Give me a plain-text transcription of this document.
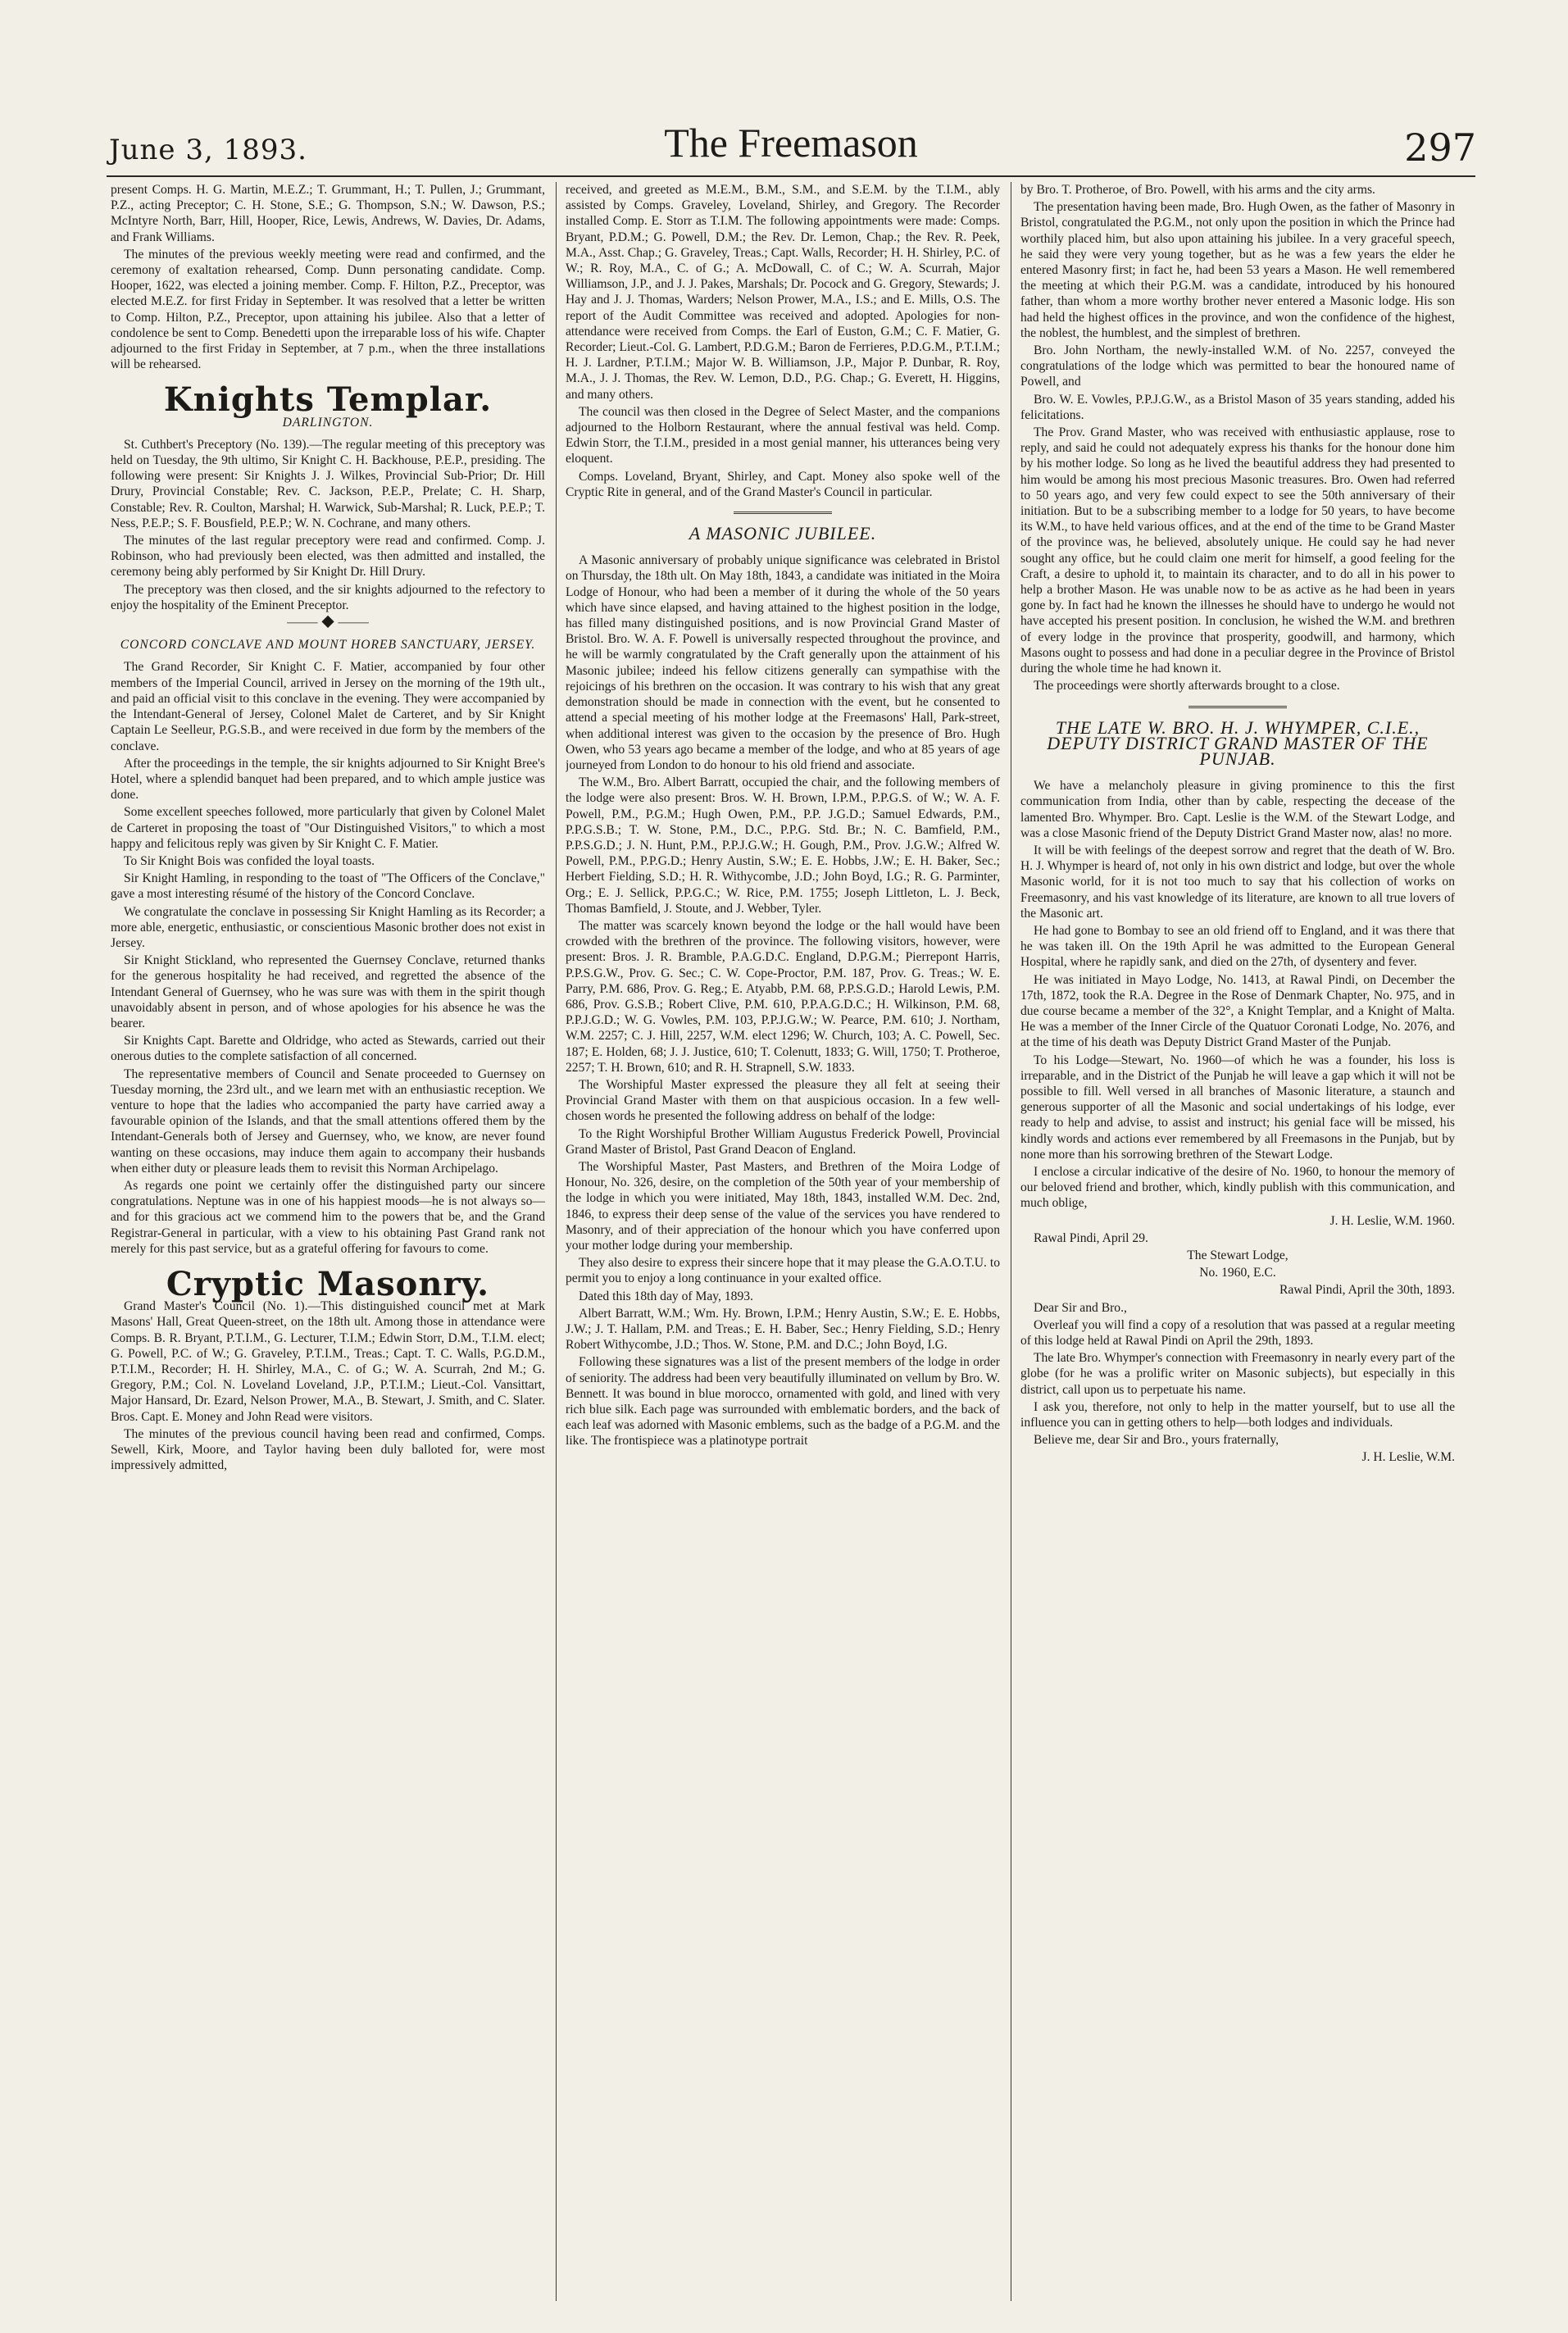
June 3, 1893.	The Freemason	297

present Comps. H. G. Martin, M.E.Z.; T. Grummant, H.; T. Pullen, J.; Grummant, P.Z., acting Preceptor; C. H. Stone, S.E.; G. Thompson, S.N.; W. Dawson, P.S.; McIntyre North, Barr, Hill, Hooper, Rice, Lewis, Andrews, W. Davies, Dr. Adams, and Frank Williams.

The minutes of the previous weekly meeting were read and confirmed, and the ceremony of exaltation rehearsed, Comp. Dunn personating candidate. Comp. Hooper, 1622, was elected a joining member. Comp. F. Hilton, P.Z., Preceptor, was elected M.E.Z. for first Friday in September. It was resolved that a letter be written to Comp. Hilton, P.Z., Preceptor, upon attaining his jubilee. Also that a letter of condolence be sent to Comp. Benedetti upon the irreparable loss of his wife. Chapter adjourned to the first Friday in September, at 7 p.m., when the three installations will be rehearsed.

Knights Templar.

DARLINGTON.

St. Cuthbert's Preceptory (No. 139).—The regular meeting of this preceptory was held on Tuesday, the 9th ultimo, Sir Knight C. H. Backhouse, P.E.P., presiding. The following were present: Sir Knights J. J. Wilkes, Provincial Sub-Prior; Dr. Hill Drury, Provincial Constable; Rev. C. Jackson, P.E.P., Prelate; C. H. Sharp, Constable; Rev. R. Coulton, Marshal; H. Warwick, Sub-Marshal; R. Luck, P.E.P.; T. Ness, P.E.P.; S. F. Bousfield, P.E.P.; W. N. Cochrane, and many others.

The minutes of the last regular preceptory were read and confirmed. Comp. J. Robinson, who had previously been elected, was then admitted and installed, the ceremony being ably performed by Sir Knight Dr. Hill Drury.

The preceptory was then closed, and the sir knights adjourned to the refectory to enjoy the hospitality of the Eminent Preceptor.

⸻ ◆ ⸻

CONCORD CONCLAVE AND MOUNT HOREB SANCTUARY, JERSEY.

The Grand Recorder, Sir Knight C. F. Matier, accompanied by four other members of the Imperial Council, arrived in Jersey on the morning of the 19th ult., and paid an official visit to this conclave in the evening. They were accompanied by the Intendant-General of Jersey, Colonel Malet de Carteret, and by Sir Knight Captain Le Seelleur, P.G.S.B., and were received in due form by the members of the conclave.

After the proceedings in the temple, the sir knights adjourned to Sir Knight Bree's Hotel, where a splendid banquet had been prepared, and to which ample justice was done.

Some excellent speeches followed, more particularly that given by Colonel Malet de Carteret in proposing the toast of "Our Distinguished Visitors," to which a most happy and felicitous reply was given by Sir Knight C. F. Matier.

To Sir Knight Bois was confided the loyal toasts.

Sir Knight Hamling, in responding to the toast of "The Officers of the Conclave," gave a most interesting résumé of the history of the Concord Conclave.

We congratulate the conclave in possessing Sir Knight Hamling as its Recorder; a more able, energetic, enthusiastic, or conscientious Masonic brother does not exist in Jersey.

Sir Knight Stickland, who represented the Guernsey Conclave, returned thanks for the generous hospitality he had received, and regretted the absence of the Intendant General of Guernsey, who he was sure was with them in the spirit though unavoidably absent in person, and of whose apologies for his absence he was the bearer.

Sir Knights Capt. Barette and Oldridge, who acted as Stewards, carried out their onerous duties to the complete satisfaction of all concerned.

The representative members of Council and Senate proceeded to Guernsey on Tuesday morning, the 23rd ult., and we learn met with an enthusiastic reception. We venture to hope that the ladies who accompanied the party have carried away a favourable opinion of the Islands, and that the small attentions offered them by the Intendant-Generals both of Jersey and Guernsey, who, we know, are never found wanting on these occasions, may induce them again to accompany their husbands when either duty or pleasure leads them to revisit this Norman Archipelago.

As regards one point we certainly offer the distinguished party our sincere congratulations. Neptune was in one of his happiest moods—he is not always so—and for this gracious act we commend him to the powers that be, and the Grand Registrar-General in particular, with a view to his obtaining Past Grand rank not merely for this past service, but as a grateful offering for favours to come.

Cryptic Masonry.

Grand Master's Council (No. 1).—This distinguished council met at Mark Masons' Hall, Great Queen-street, on the 18th ult. Among those in attendance were Comps. B. R. Bryant, P.T.I.M., G. Lecturer, T.I.M.; Edwin Storr, D.M., T.I.M. elect; G. Powell, P.C. of W.; G. Graveley, P.T.I.M., Treas.; Capt. T. C. Walls, P.G.D.M., P.T.I.M., Recorder; H. H. Shirley, M.A., C. of G.; W. A. Scurrah, 2nd M.; G. Gregory, P.M.; Col. N. Loveland Loveland, J.P., P.T.I.M.; Lieut.-Col. Vansittart, Major Hansard, Dr. Ezard, Nelson Prower, M.A., B. Stewart, J. Smith, and C. Slater. Bros. Capt. E. Money and John Read were visitors.

The minutes of the previous council having been read and confirmed, Comps. Sewell, Kirk, Moore, and Taylor having been duly balloted for, were most impressively admitted,

received, and greeted as M.E.M., B.M., S.M., and S.E.M. by the T.I.M., ably assisted by Comps. Graveley, Loveland, Shirley, and Gregory. The Recorder installed Comp. E. Storr as T.I.M. The following appointments were made: Comps. Bryant, P.D.M.; G. Powell, D.M.; the Rev. Dr. Lemon, Chap.; the Rev. R. Peek, M.A., Asst. Chap.; G. Graveley, Treas.; Capt. Walls, Recorder; H. H. Shirley, P.C. of W.; R. Roy, M.A., C. of G.; A. McDowall, C. of C.; W. A. Scurrah, Major Williamson, J.P., and J. J. Pakes, Marshals; Dr. Pocock and G. Gregory, Stewards; J. Hay and J. J. Thomas, Warders; Nelson Prower, M.A., I.S.; and E. Mills, O.S. The report of the Audit Committee was received and adopted. Apologies for non-attendance were received from Comps. the Earl of Euston, G.M.; C. F. Matier, G. Recorder; Lieut.-Col. G. Lambert, P.D.G.M.; Baron de Ferrieres, P.D.G.M., P.T.I.M.; H. J. Lardner, P.T.I.M.; Major W. B. Williamson, J.P., Major P. Dunbar, R. Roy, M.A., J. J. Thomas, the Rev. W. Lemon, D.D., P.G. Chap.; G. Everett, H. Higgins, and many others.

The council was then closed in the Degree of Select Master, and the companions adjourned to the Holborn Restaurant, where the annual festival was held. Comp. Edwin Storr, the T.I.M., presided in a most genial manner, his utterances being very eloquent.

Comps. Loveland, Bryant, Shirley, and Capt. Money also spoke well of the Cryptic Rite in general, and of the Grand Master's Council in particular.

A MASONIC JUBILEE.

A Masonic anniversary of probably unique significance was celebrated in Bristol on Thursday, the 18th ult. On May 18th, 1843, a candidate was initiated in the Moira Lodge of Honour, who had been a member of it during the whole of the 50 years which have since elapsed, and having attained to the highest position in the lodge, has filled many distinguished positions, and is now Provincial Grand Master of Bristol. Bro. W. A. F. Powell is universally respected throughout the province, and he will be warmly congratulated by the Craft generally upon the attainment of his Masonic jubilee; indeed his fellow citizens generally can sympathise with the rejoicings of his brethren on the occasion. It was contrary to his wish that any great demonstration should be made in connection with the event, but he consented to attend a special meeting of his mother lodge at the Freemasons' Hall, Park-street, when additional interest was given to the occasion by the presence of Bro. Hugh Owen, who 53 years ago became a member of the lodge, and who at 85 years of age journeyed from London to do honour to his old friend and associate.

The W.M., Bro. Albert Barratt, occupied the chair, and the following members of the lodge were also present: Bros. W. H. Brown, I.P.M., P.P.G.S. of W.; W. A. F. Powell, P.M., P.G.M.; Hugh Owen, P.M., P.P. J.G.D.; Samuel Edwards, P.M., P.P.G.S.B.; T. W. Stone, P.M., D.C., P.P.G. Std. Br.; N. C. Bamfield, P.M., P.P.S.G.D.; J. N. Hunt, P.M., P.P.J.G.W.; H. Gough, P.M., Prov. J.G.W.; Alfred W. Powell, P.M., P.P.G.D.; Henry Austin, S.W.; E. E. Hobbs, J.W.; E. H. Baker, Sec.; Herbert Fielding, S.D.; H. R. Withycombe, J.D.; John Boyd, I.G.; R. G. Parminter, Org.; E. J. Sellick, P.P.G.C.; W. Rice, P.M. 1755; Joseph Littleton, L. J. Beck, Thomas Bamfield, J. Stoute, and J. Webber, Tyler.

The matter was scarcely known beyond the lodge or the hall would have been crowded with the brethren of the province. The following visitors, however, were present: Bros. J. R. Bramble, P.A.G.D.C. England, D.P.G.M.; Pierrepont Harris, P.P.S.G.W., Prov. G. Sec.; C. W. Cope-Proctor, P.M. 187, Prov. G. Treas.; W. E. Parry, P.M. 686, Prov. G. Reg.; E. Atyabb, P.M. 68, P.P.S.G.D.; Harold Lewis, P.M. 686, Prov. G.S.B.; Robert Clive, P.M. 610, P.P.A.G.D.C.; H. Wilkinson, P.M. 68, P.P.J.G.D.; W. G. Vowles, P.M. 103, P.P.J.G.W.; W. Pearce, P.M. 610; J. Northam, W.M. 2257; C. J. Hill, 2257, W.M. elect 1296; W. Church, 103; A. C. Powell, Sec. 187; E. Holden, 68; J. J. Justice, 610; T. Colenutt, 1833; G. Will, 1750; T. Protheroe, 2257; T. H. Brown, 610; and R. H. Strapnell, S.W. 1833.

The Worshipful Master expressed the pleasure they all felt at seeing their Provincial Grand Master with them on that auspicious occasion. In a few well-chosen words he presented the following address on behalf of the lodge:

To the Right Worshipful Brother William Augustus Frederick Powell, Provincial Grand Master of Bristol, Past Grand Deacon of England.

The Worshipful Master, Past Masters, and Brethren of the Moira Lodge of Honour, No. 326, desire, on the completion of the 50th year of your membership of the lodge in which you were initiated, May 18th, 1843, installed W.M. Dec. 2nd, 1846, to express their deep sense of the value of the services you have rendered to Masonry, and of their appreciation of the honour which you have conferred upon your mother lodge during your membership.

They also desire to express their sincere hope that it may please the G.A.O.T.U. to permit you to enjoy a long continuance in your exalted office.

Dated this 18th day of May, 1893.

Albert Barratt, W.M.; Wm. Hy. Brown, I.P.M.; Henry Austin, S.W.; E. E. Hobbs, J.W.; J. T. Hallam, P.M. and Treas.; E. H. Baber, Sec.; Henry Fielding, S.D.; Henry Robert Withycombe, J.D.; Thos. W. Stone, P.M. and D.C.; John Boyd, I.G.

Following these signatures was a list of the present members of the lodge in order of seniority. The address had been very beautifully illuminated on vellum by Bro. W. Bennett. It was bound in blue morocco, ornamented with gold, and lined with very rich blue silk. Each page was surrounded with emblematic borders, and the back of each leaf was adorned with Masonic emblems, such as the badge of a P.G.M. and the like. The frontispiece was a platinotype portrait

by Bro. T. Protheroe, of Bro. Powell, with his arms and the city arms.

The presentation having been made, Bro. Hugh Owen, as the father of Masonry in Bristol, congratulated the P.G.M., not only upon the position in which the Prince had worthily placed him, but also upon attaining his jubilee. In a very graceful speech, he said they were very young together, but as he was a few years the elder he entered Masonry first; in fact he, had been 53 years a Mason. He well remembered the meeting at which their P.G.M. was a candidate, introduced by his honoured father, than whom a more worthy brother never entered a Masonic lodge. His son had held the highest offices in the province, and won the confidence of the highest, the noblest, the humblest, and the simplest of brethren.

Bro. John Northam, the newly-installed W.M. of No. 2257, conveyed the congratulations of the lodge which was permitted to bear the honoured name of Powell, and

Bro. W. E. Vowles, P.P.J.G.W., as a Bristol Mason of 35 years standing, added his felicitations.

The Prov. Grand Master, who was received with enthusiastic applause, rose to reply, and said he could not adequately express his thanks for the honour done him by his mother lodge. So long as he lived the beautiful address they had presented to him would be among his most precious Masonic treasures. Bro. Owen had referred to 50 years ago, and very few could expect to see the 50th anniversary of their initiation. But to be a subscribing member to a lodge for 50 years, to have become its W.M., to have held various offices, and at the end of the time to be Grand Master of the province was, he believed, absolutely unique. He could say he had never sought any office, but he could claim one merit for himself, a good feeling for the Craft, a desire to uphold it, to maintain its character, and to do all in his power to help a brother Mason. He was unable now to be as active as he had been in years gone by. In fact had he known the illnesses he should have to undergo he would not have accepted his present position. In conclusion, he wished the W.M. and brethren of every lodge in the province that prosperity, goodwill, and harmony, which Masons ought to possess and had done in a peculiar degree in the Province of Bristol during the whole time he had known it.

The proceedings were shortly afterwards brought to a close.

THE LATE W. BRO. H. J. WHYMPER, C.I.E., DEPUTY DISTRICT GRAND MASTER OF THE PUNJAB.

We have a melancholy pleasure in giving prominence to this the first communication from India, other than by cable, respecting the decease of the lamented Bro. Whymper. Bro. Capt. Leslie is the W.M. of the Stewart Lodge, and was a close Masonic friend of the Deputy District Grand Master now, alas! no more.

It will be with feelings of the deepest sorrow and regret that the death of W. Bro. H. J. Whymper is heard of, not only in his own district and lodge, but over the whole Masonic world, for it is not too much to say that his collection of works on Freemasonry, and his vast knowledge of its literature, are known to all true lovers of the Masonic art.

He had gone to Bombay to see an old friend off to England, and it was there that he was taken ill. On the 19th April he was admitted to the European General Hospital, where he rapidly sank, and died on the 27th, of dysentery and fever.

He was initiated in Mayo Lodge, No. 1413, at Rawal Pindi, on December the 17th, 1872, took the R.A. Degree in the Rose of Denmark Chapter, No. 975, and in due course became a member of the 32°, a Knight Templar, and a Knight of Malta. He was a member of the Inner Circle of the Quatuor Coronati Lodge, No. 2076, and at the time of his death was Deputy District Grand Master of the Punjab.

To his Lodge—Stewart, No. 1960—of which he was a founder, his loss is irreparable, and in the District of the Punjab he will leave a gap which it will not be possible to fill. Well versed in all branches of Masonic literature, a staunch and generous supporter of all the Masonic and social undertakings of his lodge, ever ready to help and advise, to assist and instruct; his genial face will be missed, his kindly words and actions ever remembered by all Freemasons in the Punjab, but by none more than his sorrowing brethren of the Stewart Lodge.

I enclose a circular indicative of the desire of No. 1960, to honour the memory of our beloved friend and brother, which, kindly publish with this communication, and much oblige,

J. H. Leslie, W.M. 1960.

Rawal Pindi, April 29.

The Stewart Lodge,

No. 1960, E.C.

Rawal Pindi, April the 30th, 1893.

Dear Sir and Bro.,

Overleaf you will find a copy of a resolution that was passed at a regular meeting of this lodge held at Rawal Pindi on April the 29th, 1893.

The late Bro. Whymper's connection with Freemasonry in nearly every part of the globe (for he was a prolific writer on Masonic subjects), but especially in this district, call upon us to perpetuate his name.

I ask you, therefore, not only to help in the matter yourself, but to use all the influence you can in getting others to help—both lodges and individuals.

Believe me, dear Sir and Bro., yours fraternally,

J. H. Leslie, W.M.
